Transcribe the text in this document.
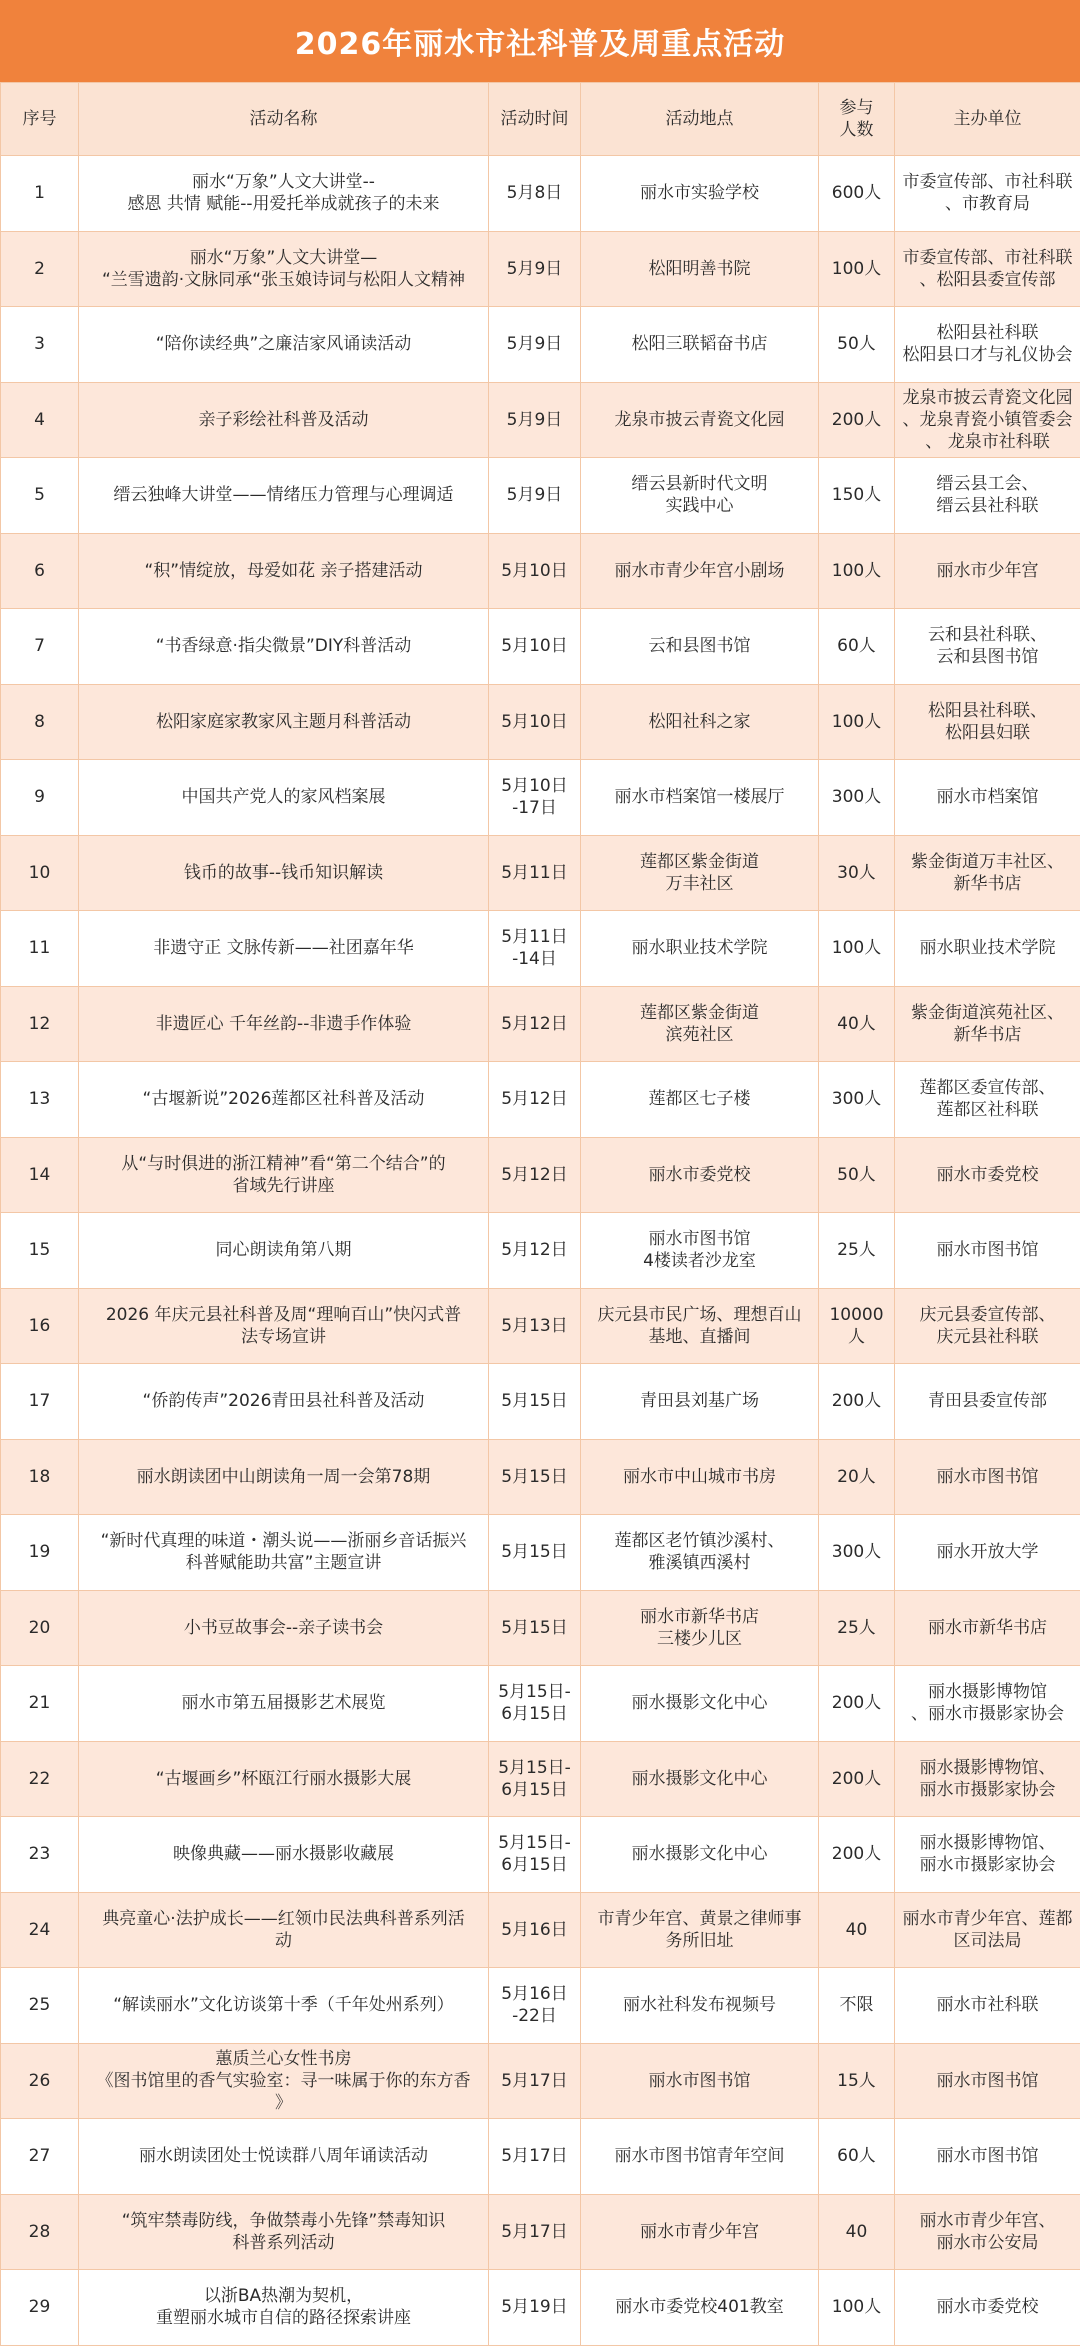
2026年丽水市社科普及周重点活动
序号	活动名称	活动时间	活动地点	参与
人数	主办单位
1	丽水“万象”人文大讲堂--
感恩 共情 赋能--用爱托举成就孩子的未来	5月8日	丽水市实验学校	600人	市委宣传部、市社科联
、市教育局

2	丽水“万象”人文大讲堂—
“兰雪遗韵·文脉同承“张玉娘诗词与松阳人文精神	5月9日	松阳明善书院	100人	市委宣传部、市社科联
、松阳县委宣传部

3	“陪你读经典”之廉洁家风诵读活动	5月9日	松阳三联韬奋书店	50人	松阳县社科联
松阳县口才与礼仪协会

4	亲子彩绘社科普及活动	5月9日	龙泉市披云青瓷文化园	200人	龙泉市披云青瓷文化园
、龙泉青瓷小镇管委会
、 龙泉市社科联

5	缙云独峰大讲堂——情绪压力管理与心理调适	5月9日	缙云县新时代文明
实践中心	150人	缙云县工会、
缙云县社科联

6	“积”情绽放，母爱如花 亲子搭建活动	5月10日	丽水市青少年宫小剧场	100人	丽水市少年宫

7	“书香绿意·指尖微景”DIY科普活动	5月10日	云和县图书馆	60人	云和县社科联、
云和县图书馆

8	松阳家庭家教家风主题月科普活动	5月10日	松阳社科之家	100人	松阳县社科联、
松阳县妇联

9	中国共产党人的家风档案展	5月10日
-17日	丽水市档案馆一楼展厅	300人	丽水市档案馆

10	钱币的故事--钱币知识解读	5月11日	莲都区紫金街道
万丰社区	30人	紫金街道万丰社区、
新华书店

11	非遗守正 文脉传新——社团嘉年华	5月11日
-14日	丽水职业技术学院	100人	丽水职业技术学院

12	非遗匠心 千年丝韵--非遗手作体验	5月12日	莲都区紫金街道
滨苑社区	40人	紫金街道滨苑社区、
新华书店

13	“古堰新说”2026莲都区社科普及活动	5月12日	莲都区七子楼	300人	莲都区委宣传部、
莲都区社科联

14	从“与时俱进的浙江精神”看“第二个结合”的
省域先行讲座	5月12日	丽水市委党校	50人	丽水市委党校

15	同心朗读角第八期	5月12日	丽水市图书馆
4楼读者沙龙室	25人	丽水市图书馆

16	2026 年庆元县社科普及周“理响百山”快闪式普
法专场宣讲	5月13日	庆元县市民广场、理想百山
基地、直播间	10000人	庆元县委宣传部、
庆元县社科联

17	“侨韵传声”2026青田县社科普及活动	5月15日	青田县刘基广场	200人	青田县委宣传部

18	丽水朗读团中山朗读角一周一会第78期	5月15日	丽水市中山城市书房	20人	丽水市图书馆

19	“新时代真理的味道・潮头说——浙丽乡音话振兴
科普赋能助共富”主题宣讲	5月15日	莲都区老竹镇沙溪村、
雅溪镇西溪村	300人	丽水开放大学

20	小书豆故事会--亲子读书会	5月15日	丽水市新华书店
三楼少儿区	25人	丽水市新华书店

21	丽水市第五届摄影艺术展览	5月15日-
6月15日	丽水摄影文化中心	200人	丽水摄影博物馆
、丽水市摄影家协会

22	“古堰画乡”杯瓯江行丽水摄影大展	5月15日-
6月15日	丽水摄影文化中心	200人	丽水摄影博物馆、
丽水市摄影家协会

23	映像典藏——丽水摄影收藏展	5月15日-
6月15日	丽水摄影文化中心	200人	丽水摄影博物馆、
丽水市摄影家协会

24	典亮童心·法护成长——红领巾民法典科普系列活
动	5月16日	市青少年宫、黄景之律师事
务所旧址	40	丽水市青少年宫、莲都
区司法局

25	“解读丽水”文化访谈第十季（千年处州系列）	5月16日
-22日	丽水社科发布视频号	不限	丽水市社科联

26	蕙质兰心女性书房
《图书馆里的香气实验室：寻一味属于你的东方香
》	5月17日	丽水市图书馆	15人	丽水市图书馆

27	丽水朗读团处士悦读群八周年诵读活动	5月17日	丽水市图书馆青年空间	60人	丽水市图书馆

28	“筑牢禁毒防线，争做禁毒小先锋”禁毒知识
科普系列活动	5月17日	丽水市青少年宫	40	丽水市青少年宫、
丽水市公安局

29	以浙BA热潮为契机，
重塑丽水城市自信的路径探索讲座	5月19日	丽水市委党校401教室	100人	丽水市委党校
